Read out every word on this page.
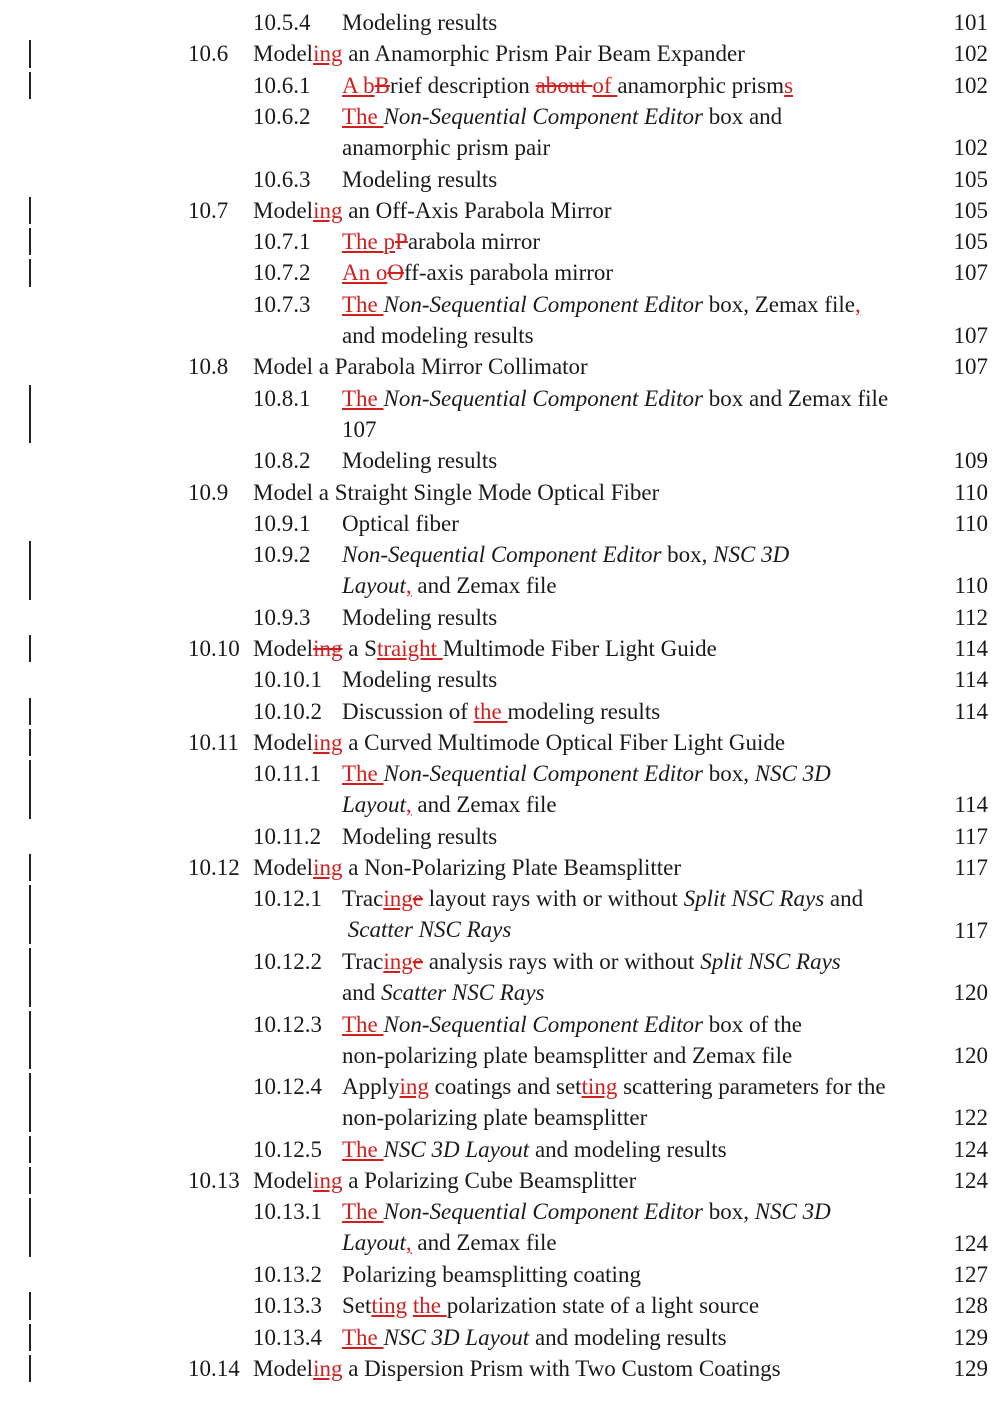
10.5.4 Modeling results	101
10.6 Modeling an Anamorphic Prism Pair Beam Expander	102
10.6.1 A bBrief description about of anamorphic prisms	102
10.6.2 The Non-Sequential Component Editor box and
anamorphic prism pair	102
10.6.3 Modeling results	105
10.7 Modeling an Off-Axis Parabola Mirror	105
10.7.1 The pParabola mirror	105
10.7.2 An oOff-axis parabola mirror	107
10.7.3 The Non-Sequential Component Editor box, Zemax file,
and modeling results	107
10.8 Model a Parabola Mirror Collimator	107
10.8.1 The Non-Sequential Component Editor box and Zemax file
107
10.8.2 Modeling results	109
10.9 Model a Straight Single Mode Optical Fiber	110
10.9.1 Optical fiber	110
10.9.2 Non-Sequential Component Editor box, NSC 3D
Layout, and Zemax file	110
10.9.3 Modeling results	112
10.10 Modeling a Straight Multimode Fiber Light Guide	114
10.10.1 Modeling results	114
10.10.2 Discussion of the modeling results	114
10.11 Modeling a Curved Multimode Optical Fiber Light Guide
10.11.1 The Non-Sequential Component Editor box, NSC 3D
Layout, and Zemax file	114
10.11.2 Modeling results	117
10.12 Modeling a Non-Polarizing Plate Beamsplitter	117
10.12.1 Tracinge layout rays with or without Split NSC Rays and
Scatter NSC Rays	117
10.12.2 Tracinge analysis rays with or without Split NSC Rays
and Scatter NSC Rays	120
10.12.3 The Non-Sequential Component Editor box of the
non-polarizing plate beamsplitter and Zemax file	120
10.12.4 Applying coatings and setting scattering parameters for the
non-polarizing plate beamsplitter	122
10.12.5 The NSC 3D Layout and modeling results	124
10.13 Modeling a Polarizing Cube Beamsplitter	124
10.13.1 The Non-Sequential Component Editor box, NSC 3D
Layout, and Zemax file	124
10.13.2 Polarizing beamsplitting coating	127
10.13.3 Setting the polarization state of a light source	128
10.13.4 The NSC 3D Layout and modeling results	129
10.14 Modeling a Dispersion Prism with Two Custom Coatings	129
